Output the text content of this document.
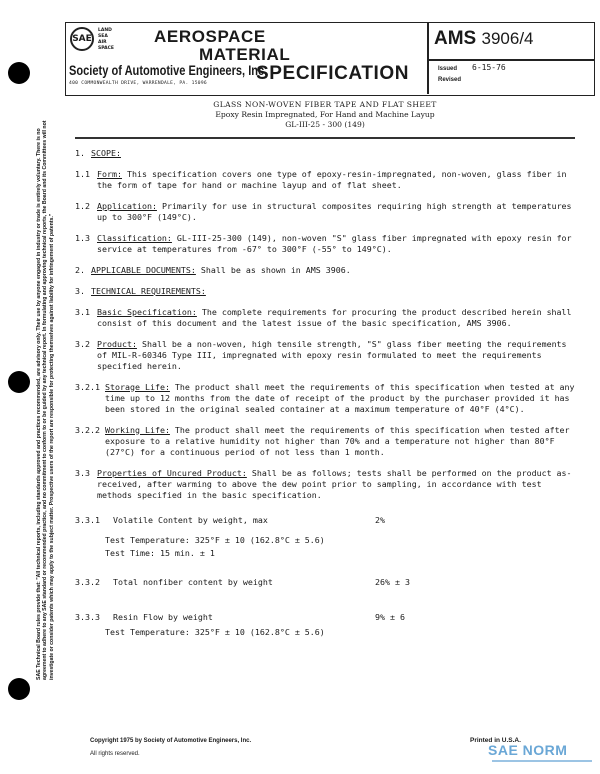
SAE
LAND
SEA
AIR
SPACE
Society of Automotive Engineers, Inc.
400 COMMONWEALTH DRIVE, WARRENDALE, PA. 15096
AEROSPACE
MATERIAL
SPECIFICATION
AMS 3906/4
Issued 6-15-76
Revised
SAE Technical Board rules provide that: "All technical reports, including standards approved and practices recommended, are advisory only. Their use by anyone engaged in industry or trade is entirely voluntary. There is no agreement to adhere to any SAE standard or recommended practice, and no commitment to conform to or be guided by any technical report. In formulating and approving technical reports, the Board and its Committees will not investigate or consider patents which may apply to the subject matter. Prospective users of the report are responsible for protecting themselves against liability for infringement of patents."
GLASS NON-WOVEN FIBER TAPE AND FLAT SHEET
Epoxy Resin Impregnated, For Hand and Machine Layup
GL-III-25 - 300 (149)
1. SCOPE:
1.1 Form: This specification covers one type of epoxy-resin-impregnated, non-woven, glass fiber in the form of tape for hand or machine layup and of flat sheet.
1.2 Application: Primarily for use in structural composites requiring high strength at temperatures up to 300°F (149°C).
1.3 Classification: GL-III-25-300 (149), non-woven "S" glass fiber impregnated with epoxy resin for service at temperatures from -67° to 300°F (-55° to 149°C).
2. APPLICABLE DOCUMENTS: Shall be as shown in AMS 3906.
3. TECHNICAL REQUIREMENTS:
3.1 Basic Specification: The complete requirements for procuring the product described herein shall consist of this document and the latest issue of the basic specification, AMS 3906.
3.2 Product: Shall be a non-woven, high tensile strength, "S" glass fiber meeting the requirements of MIL-R-60346 Type III, impregnated with epoxy resin formulated to meet the requirements specified herein.
3.2.1 Storage Life: The product shall meet the requirements of this specification when tested at any time up to 12 months from the date of receipt of the product by the purchaser provided it has been stored in the original sealed container at a maximum temperature of 40°F (4°C).
3.2.2 Working Life: The product shall meet the requirements of this specification when tested after exposure to a relative humidity not higher than 70% and a temperature not higher than 80°F (27°C) for a continuous period of not less than 1 month.
3.3 Properties of Uncured Product: Shall be as follows; tests shall be performed on the product as-received, after warming to above the dew point prior to sampling, in accordance with test methods specified in the basic specification.
3.3.1 Volatile Content by weight, max	2%
Test Temperature: 325°F ± 10 (162.8°C ± 5.6)
Test Time: 15 min. ± 1
3.3.2 Total nonfiber content by weight	26% ± 3
3.3.3 Resin Flow by weight	9% ± 6
Test Temperature: 325°F ± 10 (162.8°C ± 5.6)
Copyright 1975 by Society of Automotive Engineers, Inc.
All rights reserved.
Printed in U.S.A.
SAE NORM
